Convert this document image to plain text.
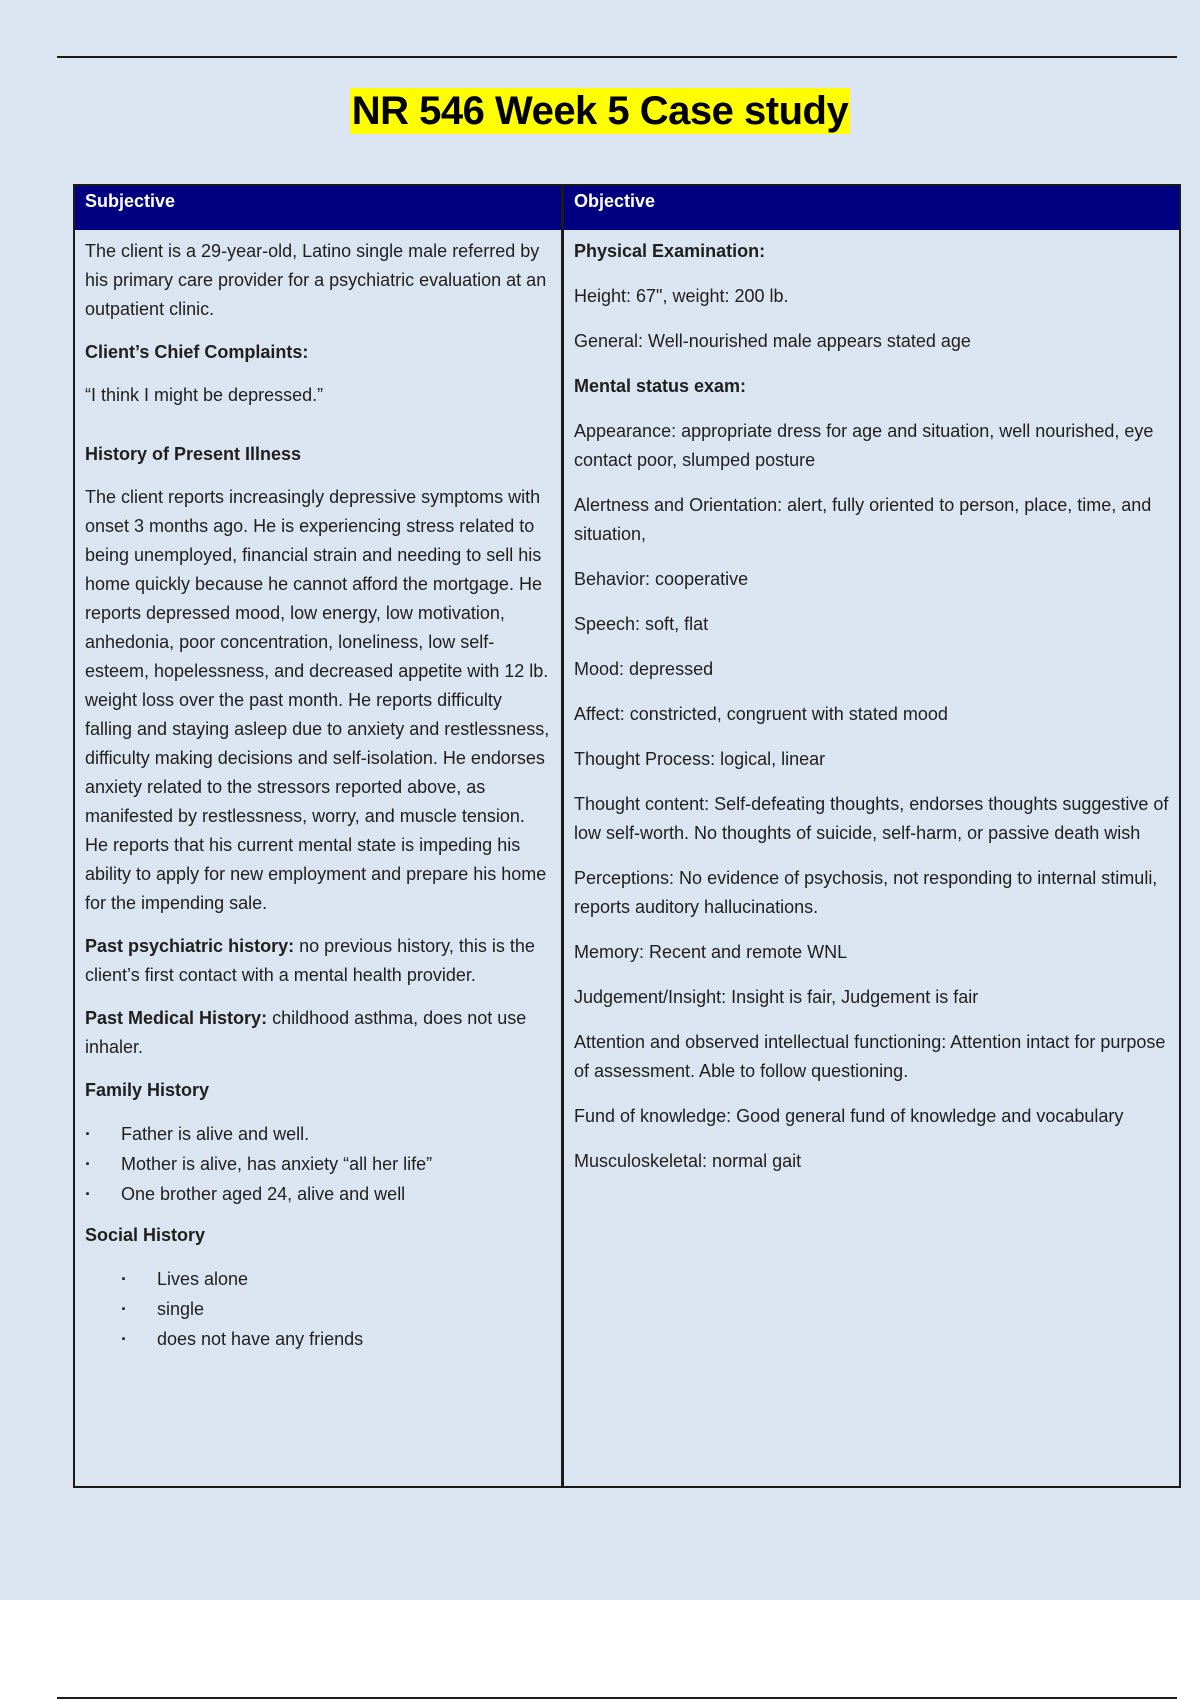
NR 546 Week 5 Case study
Subjective

The client is a 29-year-old, Latino single male referred by his primary care provider for a psychiatric evaluation at an outpatient clinic.

Client’s Chief Complaints:

“I think I might be depressed.”

History of Present Illness

The client reports increasingly depressive symptoms with onset 3 months ago. He is experiencing stress related to being unemployed, financial strain and needing to sell his home quickly because he cannot afford the mortgage. He reports depressed mood, low energy, low motivation, anhedonia, poor concentration, loneliness, low self-esteem, hopelessness, and decreased appetite with 12 lb. weight loss over the past month. He reports difficulty falling and staying asleep due to anxiety and restlessness, difficulty making decisions and self-isolation. He endorses anxiety related to the stressors reported above, as manifested by restlessness, worry, and muscle tension. He reports that his current mental state is impeding his ability to apply for new employment and prepare his home for the impending sale.

Past psychiatric history: no previous history, this is the client’s first contact with a mental health provider.

Past Medical History: childhood asthma, does not use inhaler.

Family History

· Father is alive and well.
· Mother is alive, has anxiety “all her life”
· One brother aged 24, alive and well

Social History

· Lives alone
· single
· does not have any friends
Objective

Physical Examination:

Height: 67", weight: 200 lb.

General: Well-nourished male appears stated age

Mental status exam:

Appearance: appropriate dress for age and situation, well nourished, eye contact poor, slumped posture

Alertness and Orientation: alert, fully oriented to person, place, time, and situation,

Behavior: cooperative

Speech: soft, flat

Mood: depressed

Affect: constricted, congruent with stated mood

Thought Process: logical, linear

Thought content: Self-defeating thoughts, endorses thoughts suggestive of low self-worth. No thoughts of suicide, self-harm, or passive death wish

Perceptions: No evidence of psychosis, not responding to internal stimuli, reports auditory hallucinations.

Memory: Recent and remote WNL

Judgement/Insight: Insight is fair, Judgement is fair

Attention and observed intellectual functioning: Attention intact for purpose of assessment. Able to follow questioning.

Fund of knowledge: Good general fund of knowledge and vocabulary

Musculoskeletal: normal gait
